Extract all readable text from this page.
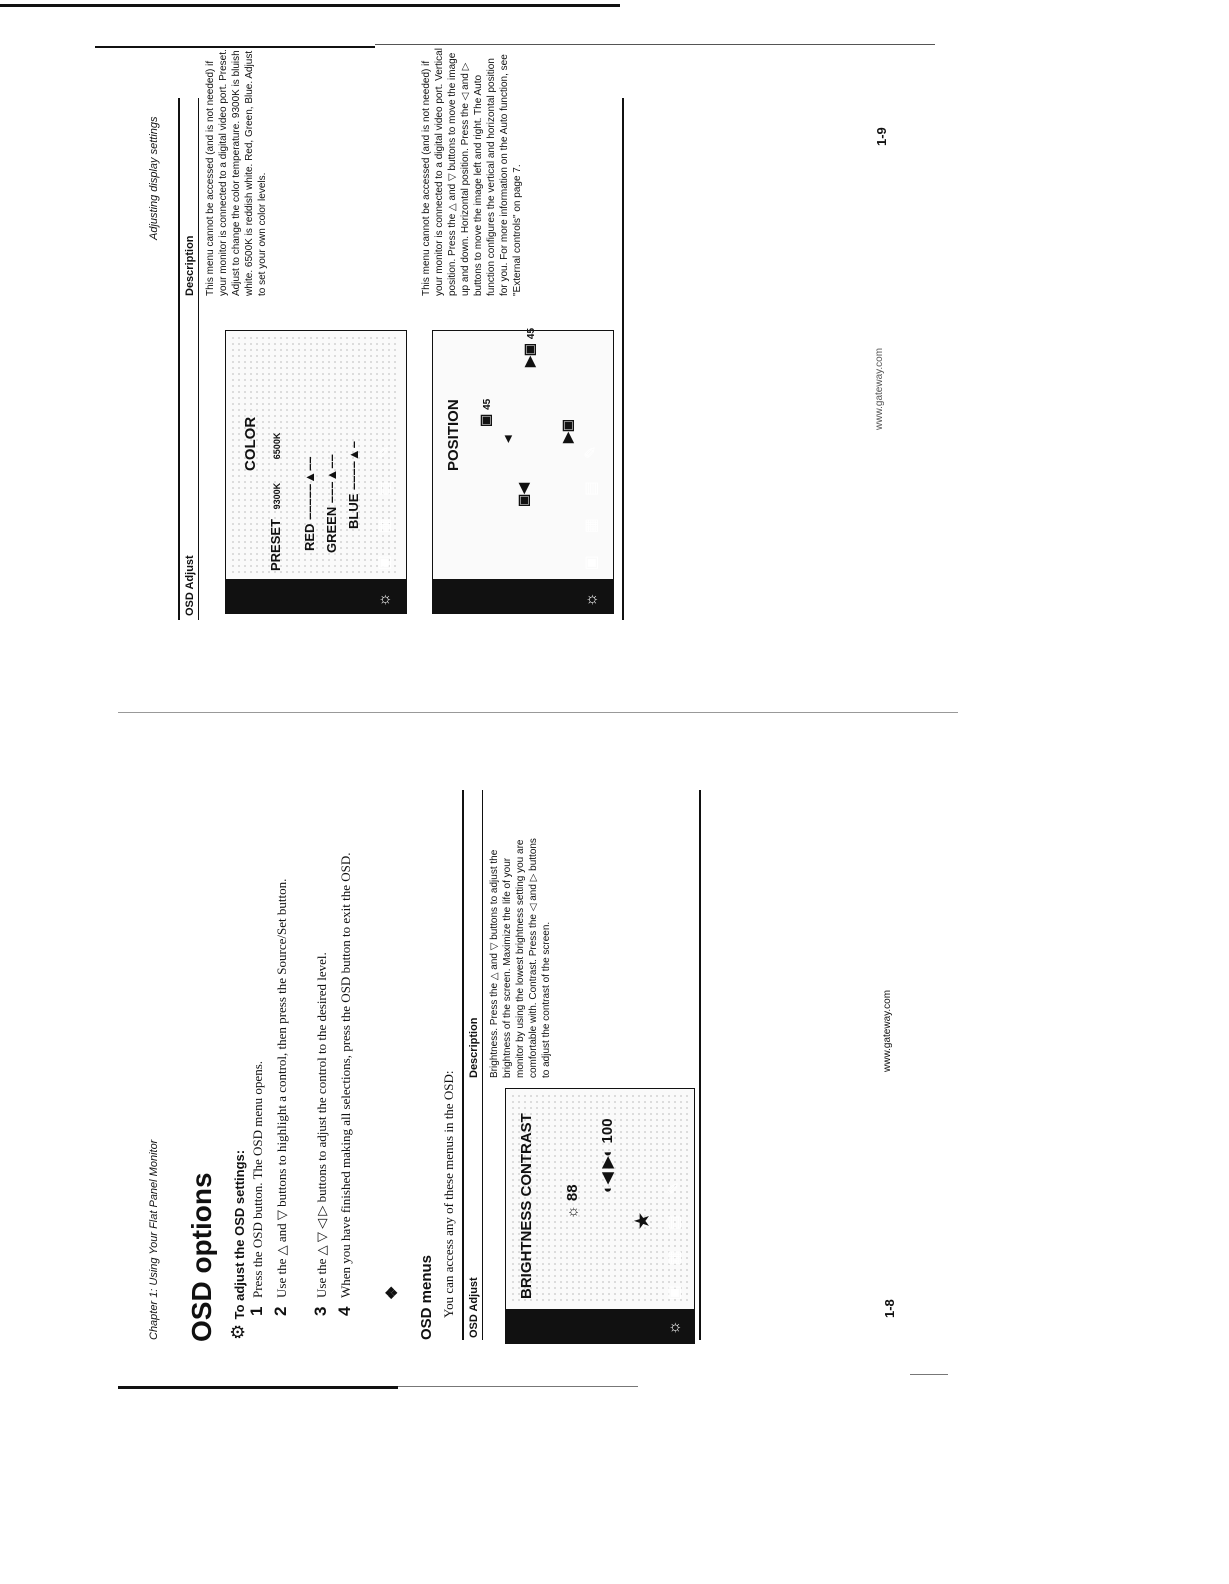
Chapter 1: Using Your Flat Panel Monitor OSD options ⚙ To adjust the OSD settings: 1Press the OSD button. The OSD menu opens.
2Use the △ and ▽ buttons to highlight a control, then press the Source/Set button.
3Use the △ ▽ ◁ ▷ buttons to adjust the control to the desired level.
4When you have finished making all selections, press the OSD button to exit the OSD. ❖ OSD menus You can access any of these menus in the OSD: OSD Adjust
Description
BRIGHTNESS CONTRAST ☼ 88 ◐◀ ▶◐ 100
★ ☼▣▦▤✎
Brightness. Press the △ and ▽ buttons to adjust the brightness of the screen. Maximize the life of your monitor by using the lowest brightness setting you are comfortable with. Contrast. Press the ◁ and ▷ buttons to adjust the contrast of the screen.	www.gateway.com
1-8
Adjusting display settings
OSD Adjust
Description
COLOR
PRESET 9300K 6500K
RED –––––▲––
GREEN –––▲––
BLUE ––––▲– ☼▣▦▤✎
This menu cannot be accessed (and is not needed) if your monitor is connected to a digital video port. Preset. Adjust to change the color temperature. 9300K is bluish white. 6500K is reddish white. Red, Green, Blue. Adjust to set your own color levels.
POSITION ▣ 45
◀
▣◀
▶▣ 45
▶▣ ☼▣▦▤✎
This menu cannot be accessed (and is not needed) if your monitor is connected to a digital video port. Vertical position. Press the △ and ▽ buttons to move the image up and down. Horizontal position. Press the ◁ and ▷ buttons to move the image left and right. The Auto function configures the vertical and horizontal position for you. For more information on the Auto function, see "External controls" on page 7.
www.gateway.com
1-9
